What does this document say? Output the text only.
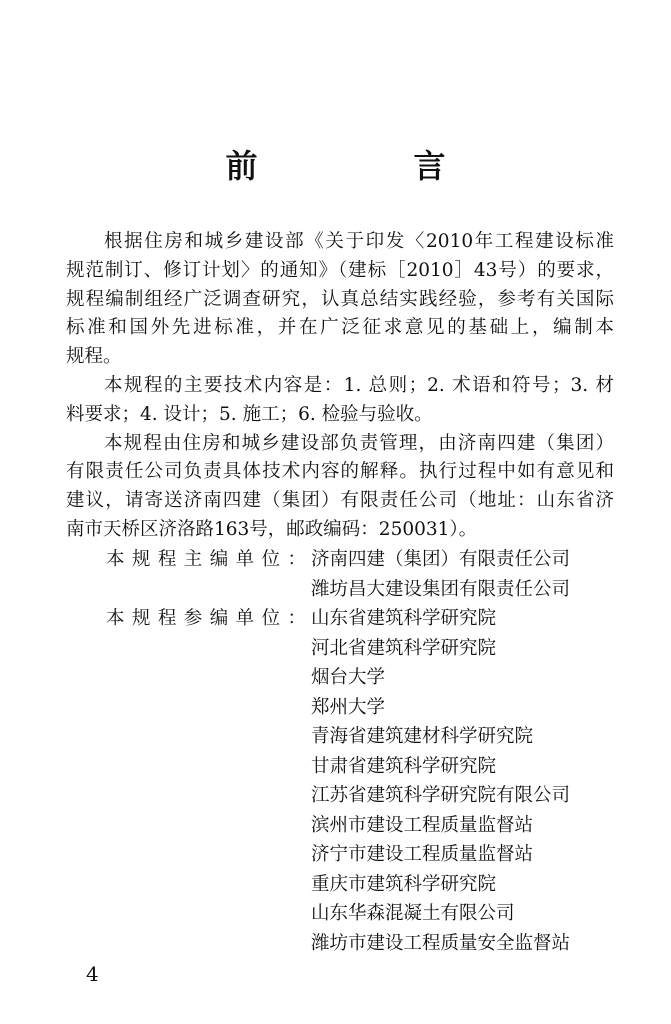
前　言
根据住房和城乡建设部《关于印发〈2010年工程建设标准
规范制订、修订计划〉的通知》（建标［2010］43号）的要求，
规程编制组经广泛调查研究，认真总结实践经验，参考有关国际
标准和国外先进标准，并在广泛征求意见的基础上，编制本
规程。
本规程的主要技术内容是：1. 总则；2. 术语和符号；3. 材
料要求；4. 设计；5. 施工；6. 检验与验收。
本规程由住房和城乡建设部负责管理，由济南四建（集团）
有限责任公司负责具体技术内容的解释。执行过程中如有意见和
建议，请寄送济南四建（集团）有限责任公司（地址：山东省济
南市天桥区济洛路163号，邮政编码：250031）。
本规程主编单位： 济南四建（集团）有限责任公司
潍坊昌大建设集团有限责任公司
本规程参编单位： 山东省建筑科学研究院
河北省建筑科学研究院
烟台大学
郑州大学
青海省建筑建材科学研究院
甘肃省建筑科学研究院
江苏省建筑科学研究院有限公司
滨州市建设工程质量监督站
济宁市建设工程质量监督站
重庆市建筑科学研究院
山东华森混凝土有限公司
潍坊市建设工程质量安全监督站
4
